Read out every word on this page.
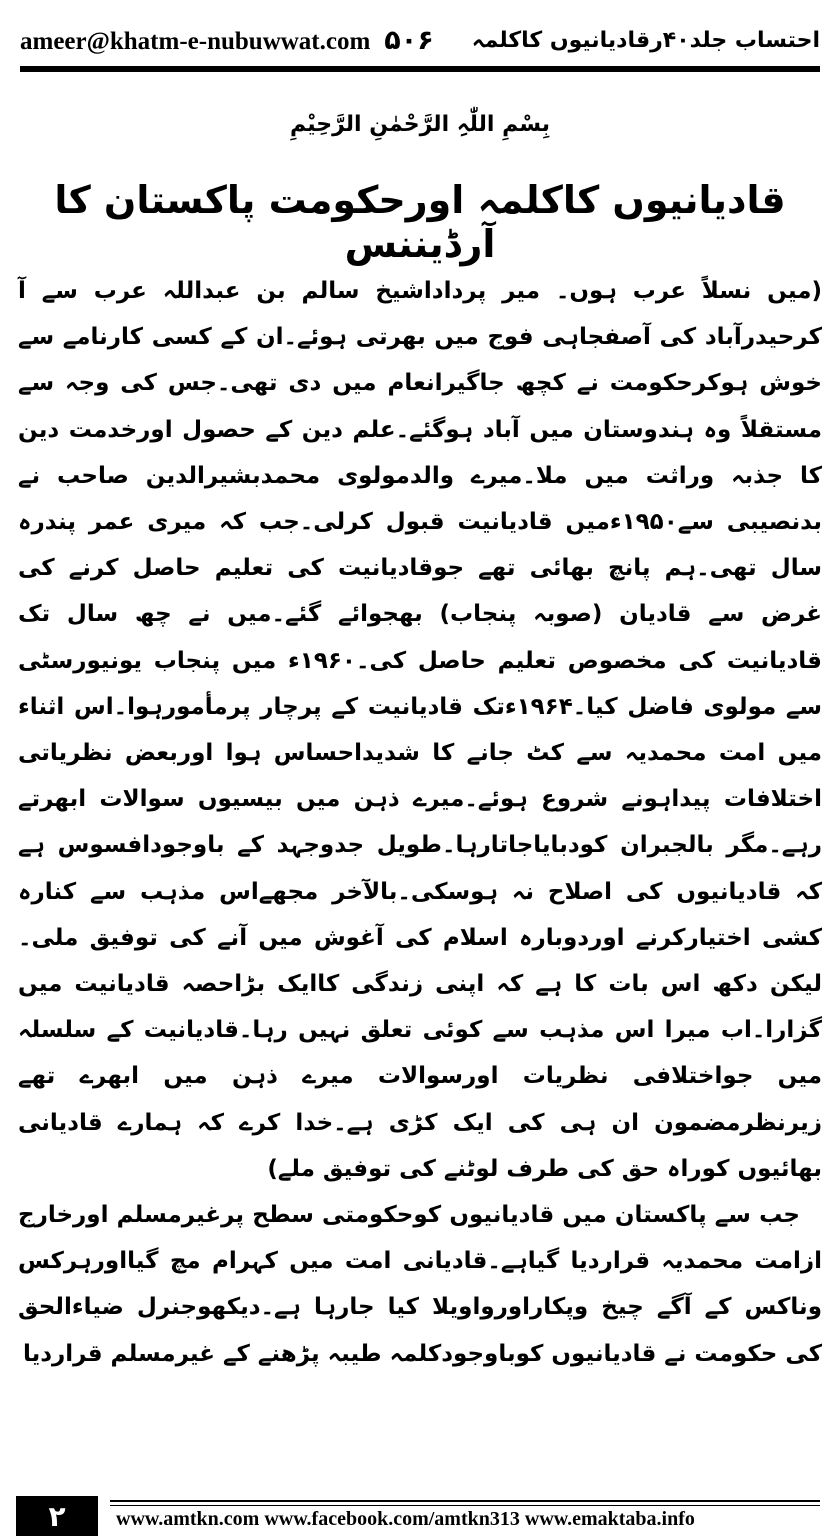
ameer@khatm-e-nubuwwat.com ۵۰۶ احتساب جلد۴۰رقادیانیوں کاکلمہ
بِسْمِ اللّٰہِ الرَّحْمٰنِ الرَّحِیْمِ
قادیانیوں کاکلمہ اورحکومت پاکستان کا آرڈیننس

(میں نسلاً عرب ہوں۔ میر پرداداشیخ سالم بن عبداللہ عرب سے آ کرحیدرآباد کی آصفجاہی فوج میں بھرتی ہوئے۔ان کے کسی کارنامے سے خوش ہوکرحکومت نے کچھ جاگیرانعام میں دی تھی۔جس کی وجہ سے مستقلاً وہ ہندوستان میں آباد ہوگئے۔علم دین کے حصول اورخدمت دین کا جذبہ وراثت میں ملا۔میرے والدمولوی محمدبشیرالدین صاحب نے بدنصیبی سے۱۹۵۰ءمیں قادیانیت قبول کرلی۔جب کہ میری عمر پندرہ سال تھی۔ہم پانچ بھائی تھے جوقادیانیت کی تعلیم حاصل کرنے کی غرض سے قادیان (صوبہ پنجاب) بھجوائے گئے۔میں نے چھ سال تک قادیانیت کی مخصوص تعلیم حاصل کی۔۱۹۶۰ء میں پنجاب یونیورسٹی سے مولوی فاضل کیا۔۱۹۶۴ءتک قادیانیت کے پرچار پرمأمورہوا۔اس اثناء میں امت محمدیہ سے کٹ جانے کا شدیداحساس ہوا اوربعض نظریاتی اختلافات پیداہونے شروع ہوئے۔میرے ذہن میں بیسیوں سوالات ابھرتے رہے۔مگر بالجبران کودبایاجاتارہا۔طویل جدوجہد کے باوجودافسوس ہے کہ قادیانیوں کی اصلاح نہ ہوسکی۔بالآخر مجھےاس مذہب سے کنارہ کشی اختیارکرنے اوردوبارہ اسلام کی آغوش میں آنے کی توفیق ملی۔لیکن دکھ اس بات کا ہے کہ اپنی زندگی کاایک بڑاحصہ قادیانیت میں گزارا۔اب میرا اس مذہب سے کوئی تعلق نہیں رہا۔قادیانیت کے سلسلہ میں جواختلافی نظریات اورسوالات میرے ذہن میں ابھرے تھے زیرنظرمضمون ان ہی کی ایک کڑی ہے۔خدا کرے کہ ہمارے قادیانی بھائیوں کوراہ حق کی طرف لوٹنے کی توفیق ملے)

جب سے پاکستان میں قادیانیوں کوحکومتی سطح پرغیرمسلم اورخارج ازامت محمدیہ قراردیا گیاہے۔قادیانی امت میں کہرام مچ گیااورہرکس وناکس کے آگے چیخ وپکاراورواویلا کیا جارہا ہے۔دیکھوجنرل ضیاءالحق کی حکومت نے قادیانیوں کوباوجودکلمہ طیبہ پڑھنے کے غیرمسلم قراردیا

۲	www.amtkn.com www.facebook.com/amtkn313 www.emaktaba.info
